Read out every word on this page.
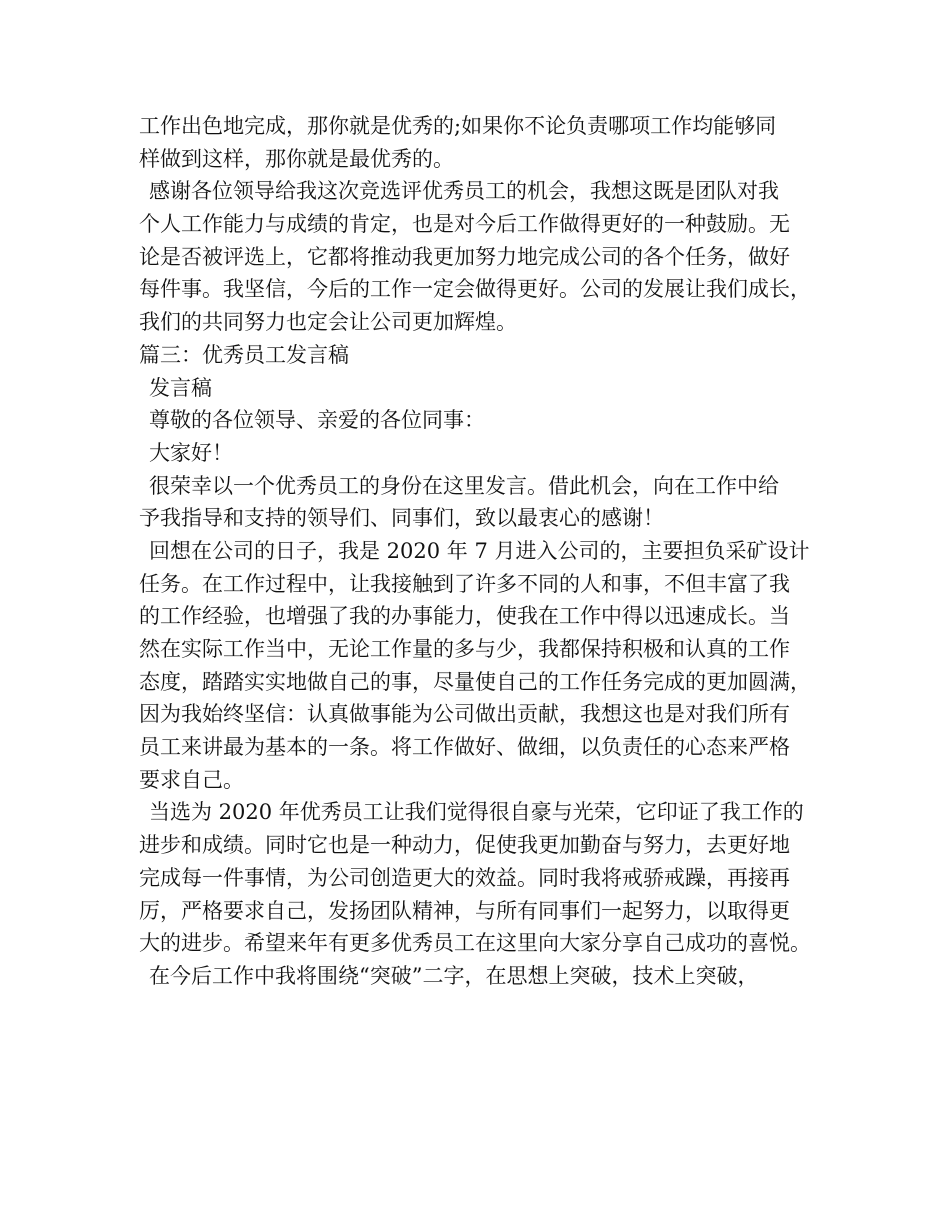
工作出色地完成，那你就是优秀的;如果你不论负责哪项工作均能够同
样做到这样，那你就是最优秀的。
感谢各位领导给我这次竞选评优秀员工的机会，我想这既是团队对我
个人工作能力与成绩的肯定，也是对今后工作做得更好的一种鼓励。无
论是否被评选上，它都将推动我更加努力地完成公司的各个任务，做好
每件事。我坚信，今后的工作一定会做得更好。公司的发展让我们成长，
我们的共同努力也定会让公司更加辉煌。
篇三：优秀员工发言稿
发言稿
尊敬的各位领导、亲爱的各位同事：
大家好！
很荣幸以一个优秀员工的身份在这里发言。借此机会，向在工作中给
予我指导和支持的领导们、同事们，致以最衷心的感谢！
回想在公司的日子，我是 2020 年 7 月进入公司的，主要担负采矿设计
任务。在工作过程中，让我接触到了许多不同的人和事，不但丰富了我
的工作经验，也增强了我的办事能力，使我在工作中得以迅速成长。当
然在实际工作当中，无论工作量的多与少，我都保持积极和认真的工作
态度，踏踏实实地做自己的事，尽量使自己的工作任务完成的更加圆满，
因为我始终坚信：认真做事能为公司做出贡献，我想这也是对我们所有
员工来讲最为基本的一条。将工作做好、做细，以负责任的心态来严格
要求自己。
当选为 2020 年优秀员工让我们觉得很自豪与光荣，它印证了我工作的
进步和成绩。同时它也是一种动力，促使我更加勤奋与努力，去更好地
完成每一件事情，为公司创造更大的效益。同时我将戒骄戒躁，再接再
厉，严格要求自己，发扬团队精神，与所有同事们一起努力，以取得更
大的进步。希望来年有更多优秀员工在这里向大家分享自己成功的喜悦。
在今后工作中我将围绕“突破”二字，在思想上突破，技术上突破，
